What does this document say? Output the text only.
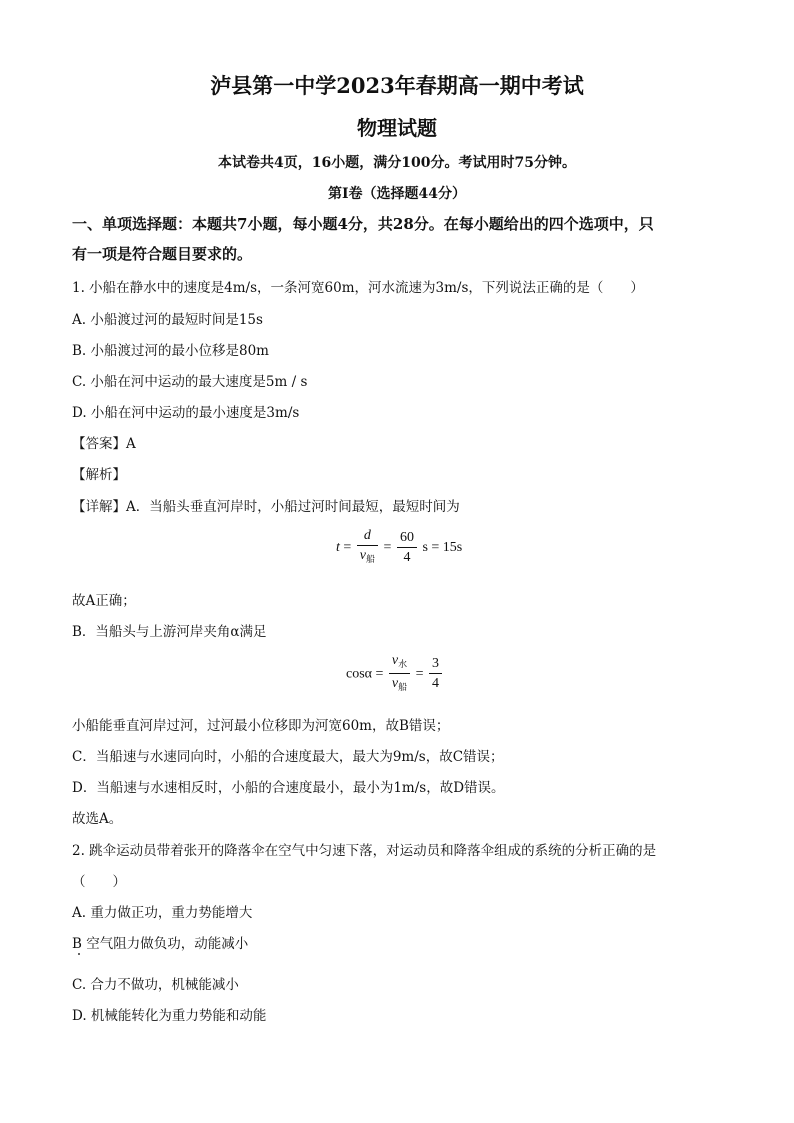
泸县第一中学2023年春期高一期中考试
物理试题
本试卷共4页，16小题，满分100分。考试用时75分钟。
第I卷（选择题44分）
一、单项选择题：本题共7小题，每小题4分，共28分。在每小题给出的四个选项中，只
有一项是符合题目要求的。
1. 小船在静水中的速度是4m/s，一条河宽60m，河水流速为3m/s，下列说法正确的是（　　）
A. 小船渡过河的最短时间是15s
B. 小船渡过河的最小位移是80m
C. 小船在河中运动的最大速度是5m / s
D. 小船在河中运动的最小速度是3m/s
【答案】A
【解析】
【详解】A．当船头垂直河岸时，小船过河时间最短，最短时间为
$t = \frac{d}{v_船} = \frac{60}{4}$ s = 15s
故A正确；
B．当船头与上游河岸夹角α满足
$\cos\alpha = \frac{v_水}{v_船} = \frac{3}{4}$
小船能垂直河岸过河，过河最小位移即为河宽60m，故B错误；
C．当船速与水速同向时，小船的合速度最大，最大为9m/s，故C错误；
D．当船速与水速相反时，小船的合速度最小，最小为1m/s，故D错误。
故选A。
2. 跳伞运动员带着张开的降落伞在空气中匀速下落，对运动员和降落伞组成的系统的分析正确的是
（　　）
A. 重力做正功，重力势能增大
B 空气阻力做负功，动能减小
C. 合力不做功，机械能减小
D. 机械能转化为重力势能和动能
